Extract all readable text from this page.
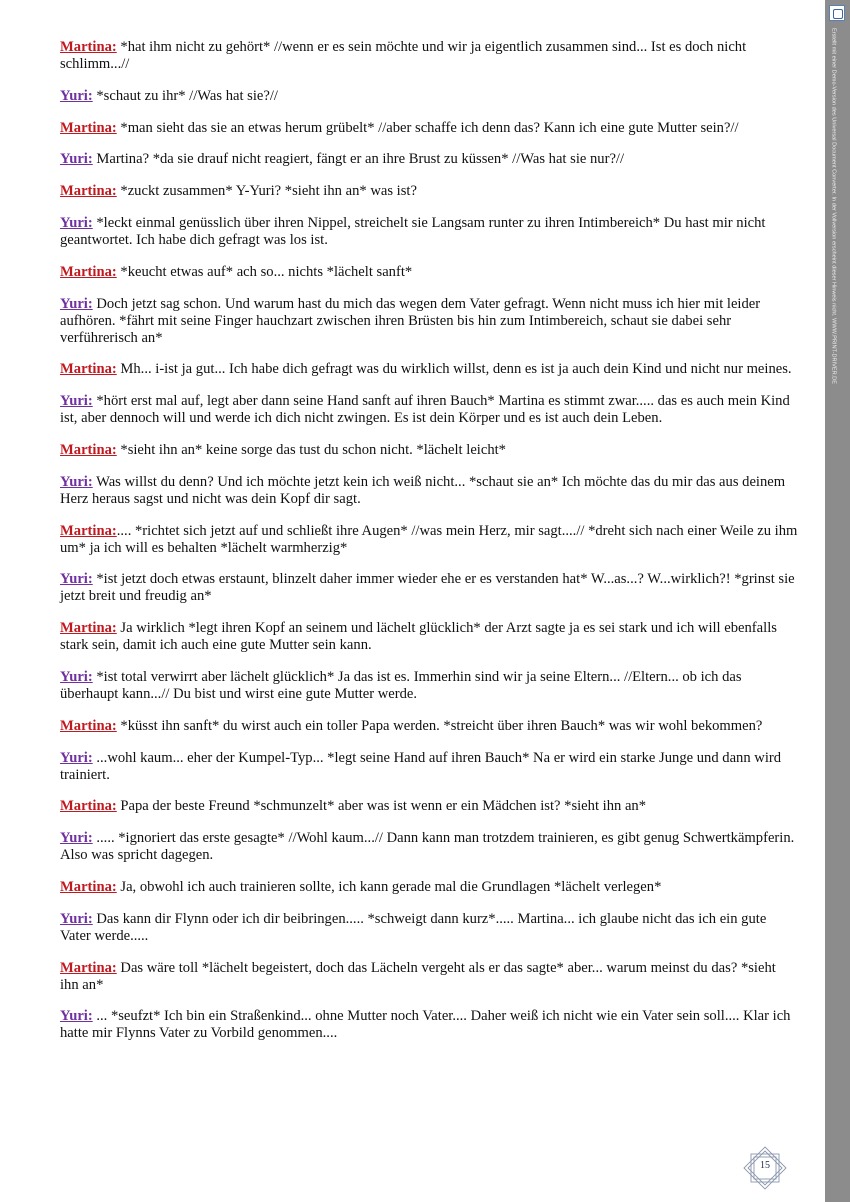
Martina: *hat ihm nicht zu gehört* //wenn er es sein möchte und wir ja eigentlich zusammen sind... Ist es doch nicht schlimm...//

Yuri: *schaut zu ihr* //Was hat sie?//

Martina: *man sieht das sie an etwas herum grübelt* //aber schaffe ich denn das? Kann ich eine gute Mutter sein?//

Yuri: Martina? *da sie drauf nicht reagiert, fängt er an ihre Brust zu küssen* //Was hat sie nur?//

Martina: *zuckt zusammen* Y-Yuri? *sieht ihn an* was ist?

Yuri: *leckt einmal genüsslich über ihren Nippel, streichelt sie Langsam runter zu ihren Intimbereich* Du hast mir nicht geantwortet. Ich habe dich gefragt was los ist.

Martina: *keucht etwas auf* ach so... nichts *lächelt sanft*

Yuri: Doch jetzt sag schon. Und warum hast du mich das wegen dem Vater gefragt. Wenn nicht muss ich hier mit leider aufhören. *fährt mit seine Finger hauchzart zwischen ihren Brüsten bis hin zum Intimbereich, schaut sie dabei sehr verführerisch an*

Martina: Mh... i-ist ja gut... Ich habe dich gefragt was du wirklich willst, denn es ist ja auch dein Kind und nicht nur meines.

Yuri: *hört erst mal auf, legt aber dann seine Hand sanft auf ihren Bauch* Martina es stimmt zwar..... das es auch mein Kind ist, aber dennoch will und werde ich dich nicht zwingen. Es ist dein Körper und es ist auch dein Leben.

Martina: *sieht ihn an* keine sorge das tust du schon nicht. *lächelt leicht*

Yuri: Was willst du denn? Und ich möchte jetzt kein ich weiß nicht... *schaut sie an* Ich möchte das du mir das aus deinem Herz heraus sagst und nicht was dein Kopf dir sagt.

Martina:.... *richtet sich jetzt auf und schließt ihre Augen* //was mein Herz, mir sagt....// *dreht sich nach einer Weile zu ihm um* ja ich will es behalten *lächelt warmherzig*

Yuri: *ist jetzt doch etwas erstaunt, blinzelt daher immer wieder ehe er es verstanden hat* W...as...? W...wirklich?! *grinst sie jetzt breit und freudig an*

Martina: Ja wirklich *legt ihren Kopf an seinem und lächelt glücklich* der Arzt sagte ja es sei stark und ich will ebenfalls stark sein, damit ich auch eine gute Mutter sein kann.

Yuri: *ist total verwirrt aber lächelt glücklich* Ja das ist es. Immerhin sind wir ja seine Eltern... //Eltern... ob ich das überhaupt kann...// Du bist und wirst eine gute Mutter werde.

Martina: *küsst ihn sanft* du wirst auch ein toller Papa werden. *streicht über ihren Bauch* was wir wohl bekommen?

Yuri: ...wohl kaum... eher der Kumpel-Typ... *legt seine Hand auf ihren Bauch* Na er wird ein starke Junge und dann wird trainiert.

Martina: Papa der beste Freund *schmunzelt* aber was ist wenn er ein Mädchen ist? *sieht ihn an*

Yuri: ..... *ignoriert das erste gesagte* //Wohl kaum...// Dann kann man trotzdem trainieren, es gibt genug Schwertkämpferin. Also was spricht dagegen.

Martina: Ja, obwohl ich auch trainieren sollte, ich kann gerade mal die Grundlagen *lächelt verlegen*

Yuri: Das kann dir Flynn oder ich dir beibringen..... *schweigt dann kurz*..... Martina... ich glaube nicht das ich ein gute Vater werde.....

Martina: Das wäre toll *lächelt begeistert, doch das Lächeln vergeht als er das sagte* aber... warum meinst du das? *sieht ihn an*

Yuri: ... *seufzt* Ich bin ein Straßenkind... ohne Mutter noch Vater.... Daher weiß ich nicht wie ein Vater sein soll.... Klar ich hatte mir Flynns Vater zu Vorbild genommen....

Erstellt mit einer Demo-Version des Universal Document Converter. In der Vollversion erscheint dieser Hinweis nicht. WWW.PRINT-DRIVER.DE
15
